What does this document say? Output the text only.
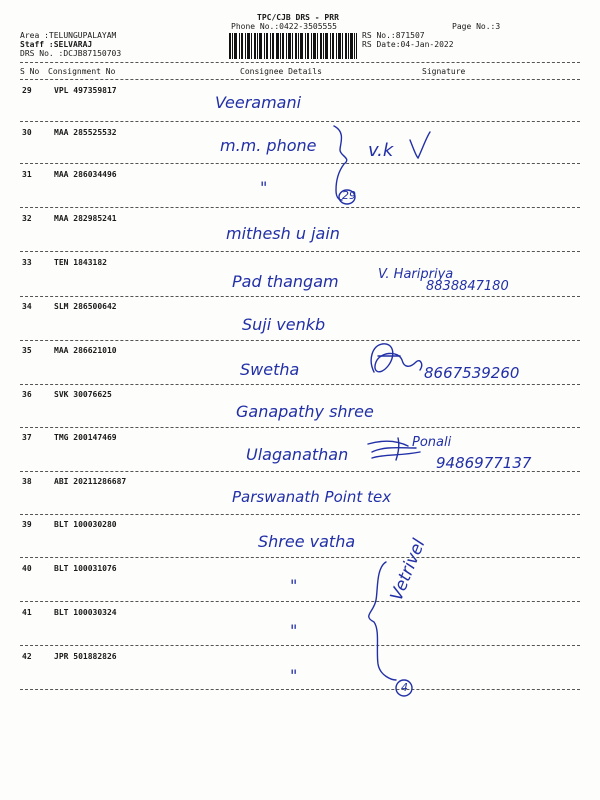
TPC/CJB DRS - PRR
Phone No.:0422-3505555	Page No.:3
Area :TELUNGUPALAYAM
Staff :SELVARAJ
DRS No. :DCJB87150703
RS No.:871507
RS Date:04-Jan-2022
S No Consignment No	Consignee Details	Signature
29	VPL 497359817
Veeramani
30	MAA 285525532
m.m. phone	v.k
31	MAA 286034496
"	29
32	MAA 282985241
mithesh u jain
33	TEN 1843182
Pad thangam	V. Haripriya
8838847180
34	SLM 286500642
Suji venkb
35	MAA 286621010
Swetha	8667539260
36	SVK 30076625
Ganapathy shree
37	TMG 200147469
Ulaganathan
Ponali
9486977137
38	ABI 20211286687
Parswanath Point tex
39	BLT 100030280
Shree vatha
40	BLT 100031076
"
41	BLT 100030324
"
42	JPR 501882826
"
4
Vetrivel
